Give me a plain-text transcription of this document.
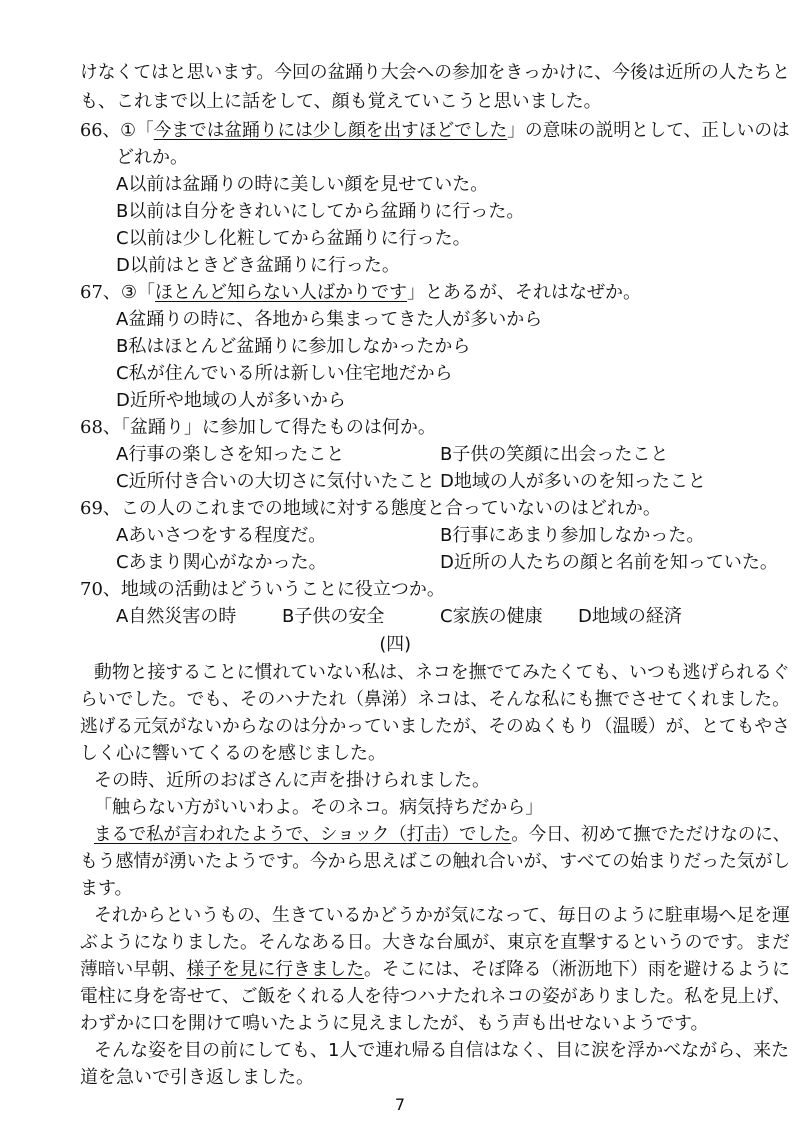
けなくてはと思います。今回の盆踊り大会への参加をきっかけに、今後は近所の人たちと
も、これまで以上に話をして、顔も覚えていこうと思いました。
66、①「今までは盆踊りには少し顔を出すほどでした」の意味の説明として、正しいのは
どれか。
A以前は盆踊りの時に美しい顔を見せていた。
B以前は自分をきれいにしてから盆踊りに行った。
C以前は少し化粧してから盆踊りに行った。
D以前はときどき盆踊りに行った。
67、③「ほとんど知らない人ばかりです」とあるが、それはなぜか。
A盆踊りの時に、各地から集まってきた人が多いから
B私はほとんど盆踊りに参加しなかったから
C私が住んでいる所は新しい住宅地だから
D近所や地域の人が多いから
68、「盆踊り」に参加して得たものは何か。
A行事の楽しさを知ったこと	B子供の笑顔に出会ったこと
C近所付き合いの大切さに気付いたこと D地域の人が多いのを知ったこと
69、この人のこれまでの地域に対する態度と合っていないのはどれか。
Aあいさつをする程度だ。	B行事にあまり参加しなかった。
Cあまり関心がなかった。	D近所の人たちの顔と名前を知っていた。
70、地域の活動はどういうことに役立つか。
A自然災害の時	B子供の安全	C家族の健康 D地域の経済
(四)
動物と接することに慣れていない私は、ネコを撫でてみたくても、いつも逃げられるぐ
らいでした。でも、そのハナたれ（鼻涕）ネコは、そんな私にも撫でさせてくれました。
逃げる元気がないからなのは分かっていましたが、そのぬくもり（温暖）が、とてもやさ
しく心に響いてくるのを感じました。
その時、近所のおばさんに声を掛けられました。
「触らない方がいいわよ。そのネコ。病気持ちだから」
まるで私が言われたようで、ショック（打击）でした。今日、初めて撫でただけなのに、
もう感情が湧いたようです。今から思えばこの触れ合いが、すべての始まりだった気がし
ます。
それからというもの、生きているかどうかが気になって、毎日のように駐車場へ足を運
ぶようになりました。そんなある日。大きな台風が、東京を直撃するというのです。まだ
薄暗い早朝、様子を見に行きました。そこには、そぼ降る（淅沥地下）雨を避けるように
電柱に身を寄せて、ご飯をくれる人を待つハナたれネコの姿がありました。私を見上げ、
わずかに口を開けて鳴いたように見えましたが、もう声も出せないようです。
そんな姿を目の前にしても、1人で連れ帰る自信はなく、目に涙を浮かべながら、来た
道を急いで引き返しました。
7
